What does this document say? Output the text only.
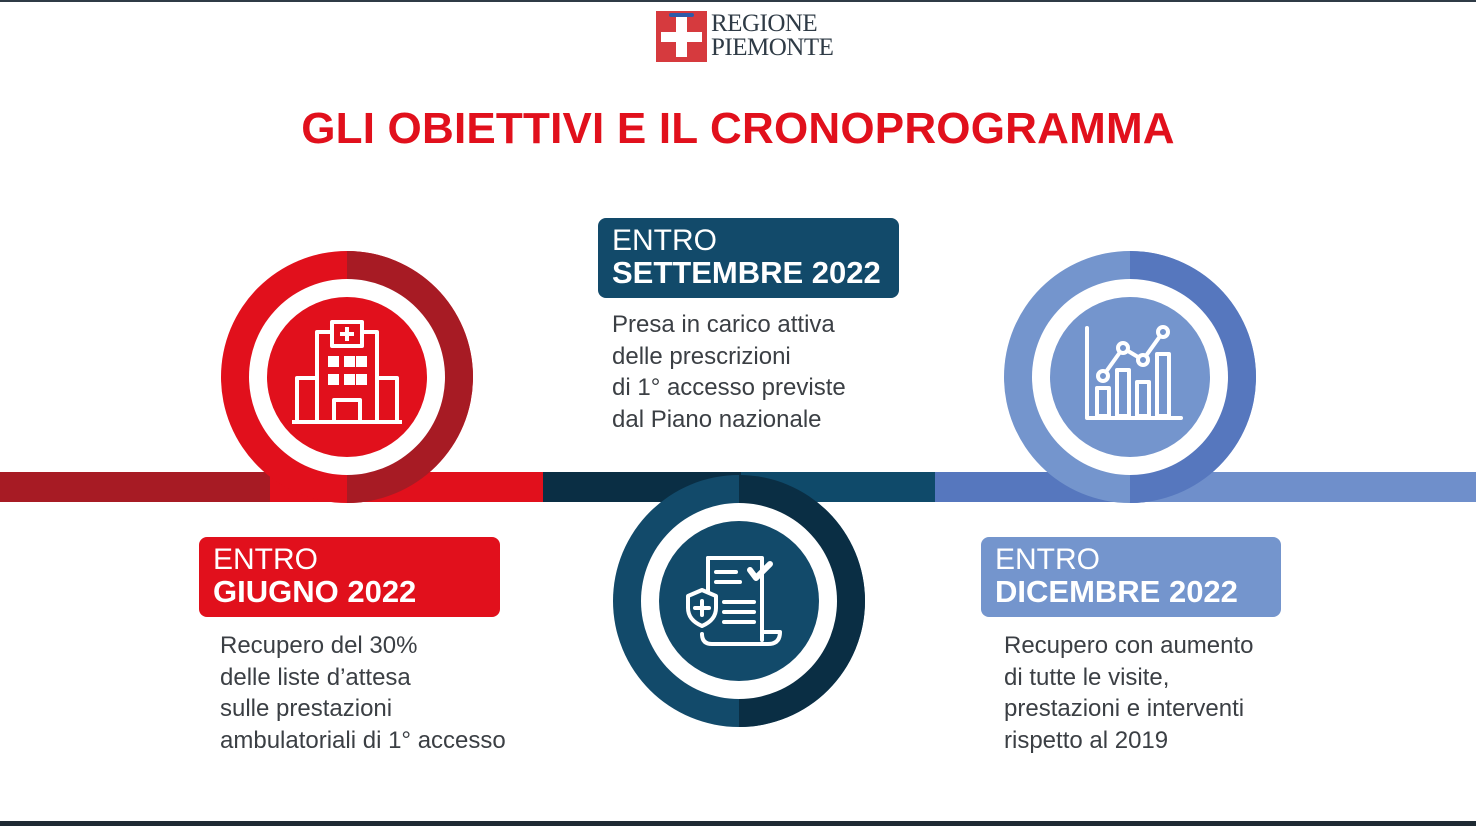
REGIONE
PIEMONTE
GLI OBIETTIVI E IL CRONOPROGRAMMA
ENTRO
SETTEMBRE 2022
ENTRO
GIUGNO 2022
ENTRO
DICEMBRE 2022

Presa in carico attiva
delle prescrizioni
di 1° accesso previste
dal Piano nazionale

Recupero del 30%
delle liste d’attesa
sulle prestazioni
ambulatoriali di 1° accesso

Recupero con aumento
di tutte le visite,
prestazioni e interventi
rispetto al 2019
